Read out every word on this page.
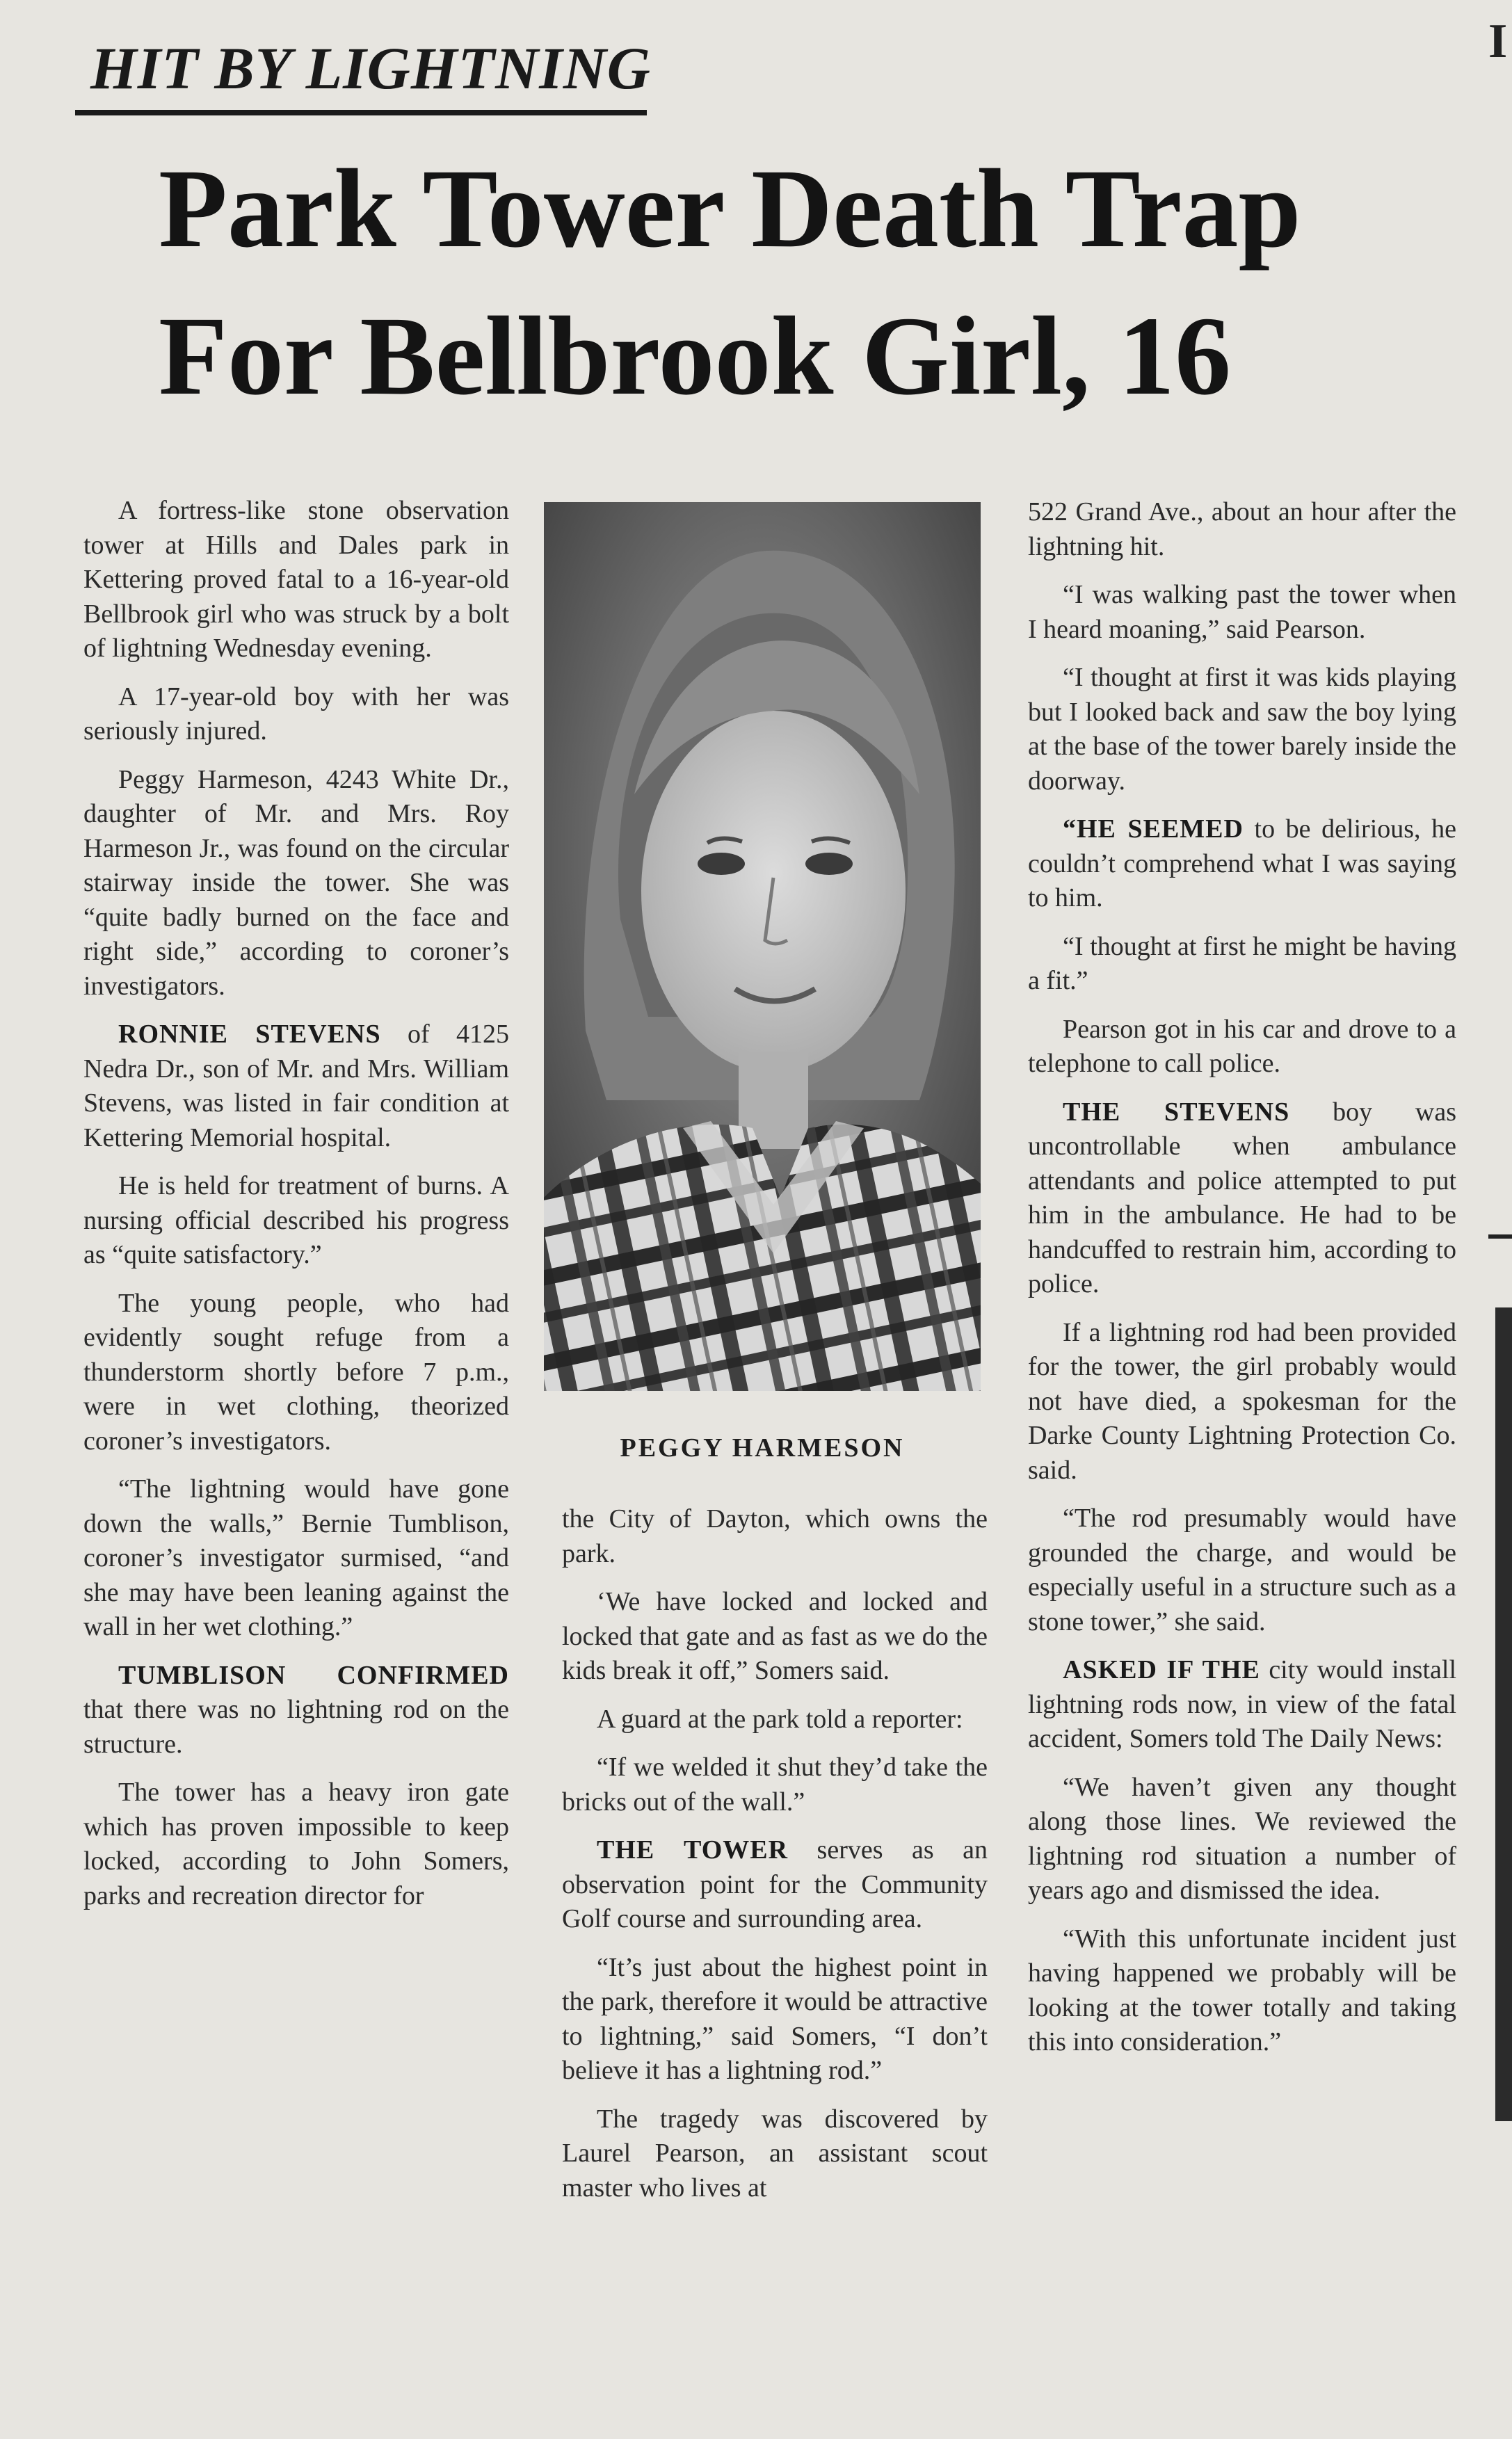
HIT BY LIGHTNING
Park Tower Death Trap
For Bellbrook Girl, 16

A fortress-like stone observation tower at Hills and Dales park in Kettering proved fatal to a 16-year-old Bellbrook girl who was struck by a bolt of lightning Wednesday evening.

A 17-year-old boy with her was seriously injured.

Peggy Harmeson, 4243 White Dr., daughter of Mr. and Mrs. Roy Harmeson Jr., was found on the circular stairway inside the tower. She was “quite badly burned on the face and right side,” according to coroner’s investigators.

RONNIE STEVENS of 4125 Nedra Dr., son of Mr. and Mrs. William Stevens, was listed in fair condition at Kettering Memorial hospital.

He is held for treatment of burns. A nursing official described his progress as “quite satisfactory.”

The young people, who had evidently sought refuge from a thunderstorm shortly before 7 p.m., were in wet clothing, theorized coroner’s investigators.

“The lightning would have gone down the walls,” Bernie Tumblison, coroner’s investigator surmised, “and she may have been leaning against the wall in her wet clothing.”

TUMBLISON CONFIRMED that there was no lightning rod on the structure.

The tower has a heavy iron gate which has proven impossible to keep locked, according to John Somers, parks and recreation director for

PEGGY HARMESON

the City of Dayton, which owns the park.

‘We have locked and locked and locked that gate and as fast as we do the kids break it off,” Somers said.

A guard at the park told a reporter:

“If we welded it shut they’d take the bricks out of the wall.”

THE TOWER serves as an observation point for the Community Golf course and surrounding area.

“It’s just about the highest point in the park, therefore it would be attractive to lightning,” said Somers, “I don’t believe it has a lightning rod.”

The tragedy was discovered by Laurel Pearson, an assistant scout master who lives at

522 Grand Ave., about an hour after the lightning hit.

“I was walking past the tower when I heard moaning,” said Pearson.

“I thought at first it was kids playing but I looked back and saw the boy lying at the base of the tower barely inside the doorway.

“HE SEEMED to be delirious, he couldn’t comprehend what I was saying to him.

“I thought at first he might be having a fit.”

Pearson got in his car and drove to a telephone to call police.

THE STEVENS boy was uncontrollable when ambulance attendants and police attempted to put him in the ambulance. He had to be handcuffed to restrain him, according to police.

If a lightning rod had been provided for the tower, the girl probably would not have died, a spokesman for the Darke County Lightning Protection Co. said.

“The rod presumably would have grounded the charge, and would be especially useful in a structure such as a stone tower,” she said.

ASKED IF THE city would install lightning rods now, in view of the fatal accident, Somers told The Daily News:

“We haven’t given any thought along those lines. We reviewed the lightning rod situation a number of years ago and dismissed the idea.

“With this unfortunate incident just having happened we probably will be looking at the tower totally and taking this into consideration.”

I
